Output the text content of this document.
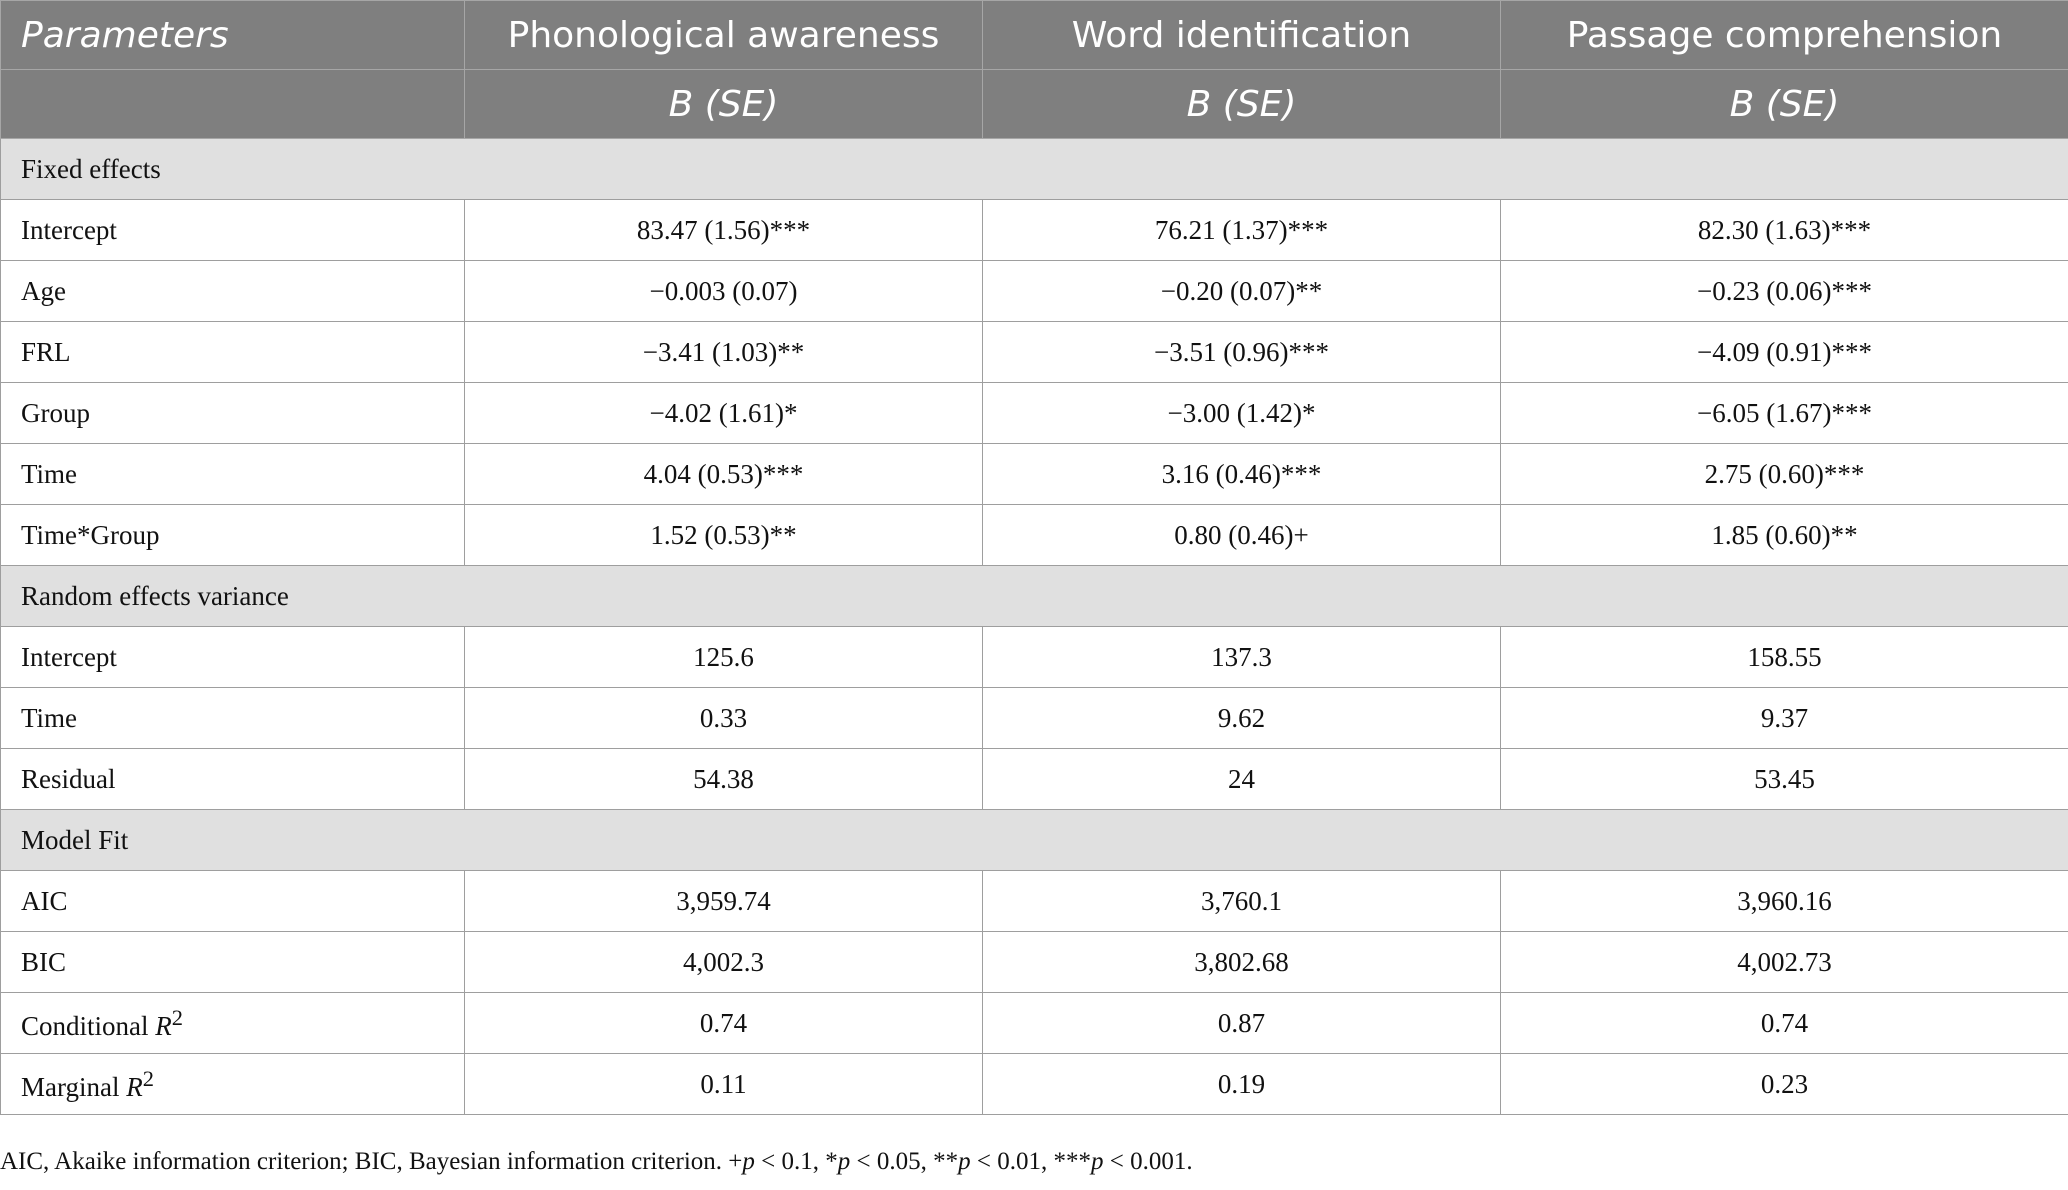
Parameters	Phonological awareness	Word identification	Passage comprehension
	B (SE)	B (SE)	B (SE)
Fixed effects			
Intercept	83.47 (1.56)***	76.21 (1.37)***	82.30 (1.63)***
Age	−0.003 (0.07)	−0.20 (0.07)**	−0.23 (0.06)***
FRL	−3.41 (1.03)**	−3.51 (0.96)***	−4.09 (0.91)***
Group	−4.02 (1.61)*	−3.00 (1.42)*	−6.05 (1.67)***
Time	4.04 (0.53)***	3.16 (0.46)***	2.75 (0.60)***
Time*Group	1.52 (0.53)**	0.80 (0.46)+	1.85 (0.60)**
Random effects variance			
Intercept	125.6	137.3	158.55
Time	0.33	9.62	9.37
Residual	54.38	24	53.45
Model Fit			
AIC	3,959.74	3,760.1	3,960.16
BIC	4,002.3	3,802.68	4,002.73
Conditional $R^2$	0.74	0.87	0.74
Marginal $R^2$	0.11	0.19	0.23
AIC, Akaike information criterion; BIC, Bayesian information criterion. +p < 0.1, *p < 0.05, **p < 0.01, ***p < 0.001.
